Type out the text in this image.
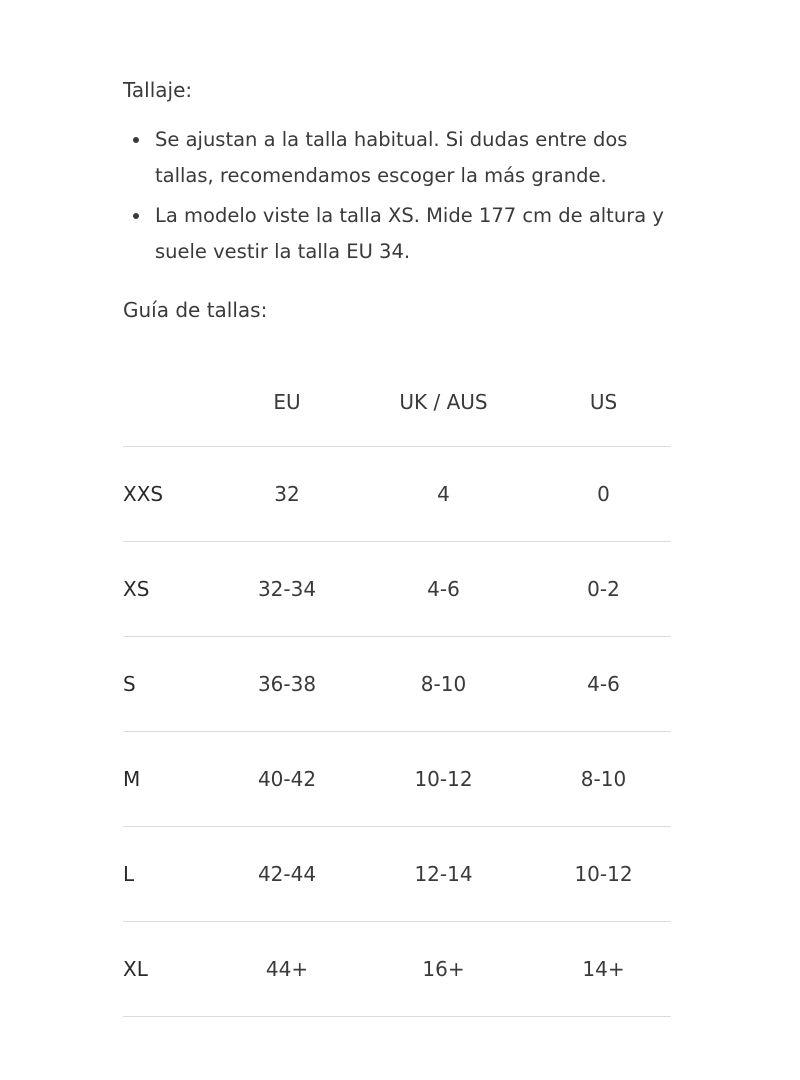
Tallaje:

Se ajustan a la talla habitual. Si dudas entre dos tallas, recomendamos escoger la más grande.
La modelo viste la talla XS. Mide 177 cm de altura y suele vestir la talla EU 34.

Guía de tallas:

	EU	UK / AUS	US
XXS	32	4	0
XS	32-34	4-6	0-2
S	36-38	8-10	4-6
M	40-42	10-12	8-10
L	42-44	12-14	10-12
XL	44+	16+	14+
